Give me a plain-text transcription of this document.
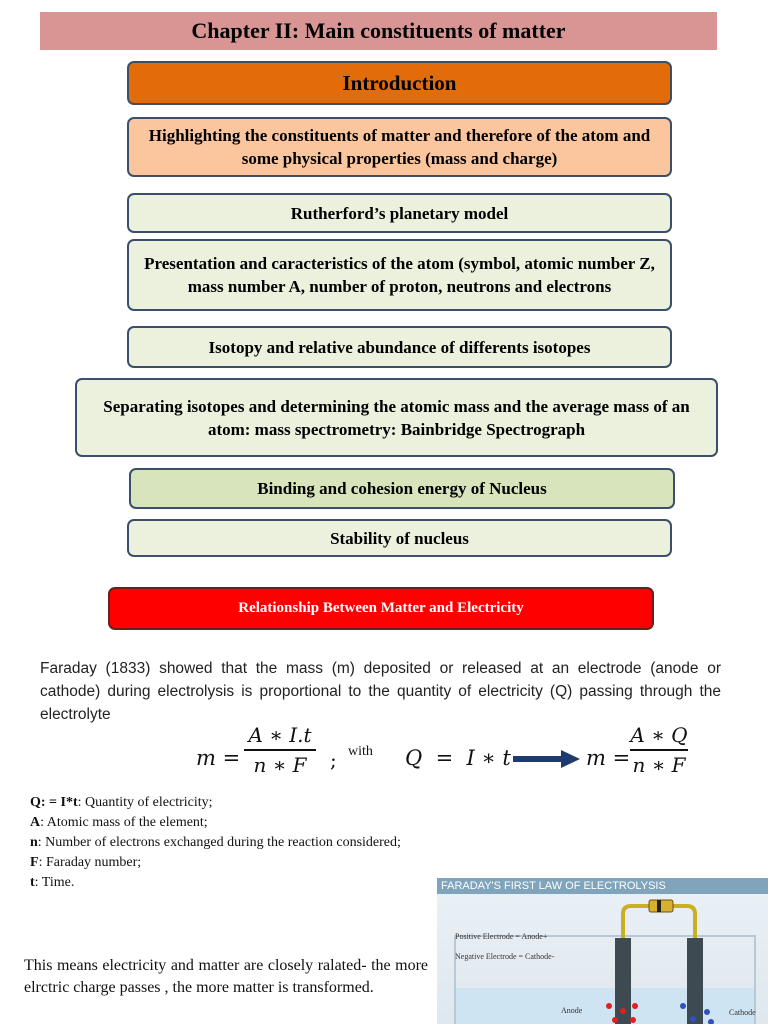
Chapter II: Main constituents of matter
Introduction
Highlighting the constituents of matter and therefore of the atom and some physical properties (mass and charge)
Rutherford’s planetary model
Presentation and caracteristics of the atom (symbol, atomic number Z, mass number A, number of proton, neutrons and electrons
Isotopy and relative abundance of differents isotopes
Separating isotopes and determining the atomic mass and the average mass of an atom: mass spectrometry: Bainbridge Spectrograph
Binding and cohesion energy of Nucleus
Stability of nucleus
Relationship Between Matter and Electricity
Faraday (1833) showed that the mass (m) deposited or released at an electrode (anode or cathode) during electrolysis is proportional to the quantity of electricity (Q) passing through the electrolyte
m =
A ∗ I.t
n ∗ F ; with Q  =  I ∗ t	m =
A ∗ Q
n ∗ F
Q: = I*t: Quantity of electricity;
A: Atomic mass of the element;
n: Number of electrons exchanged during the reaction considered;
F: Faraday number;
t: Time.
This means electricity and matter are closely ralated- the more elrctric charge passes , the more matter is transformed.
FARADAY'S FIRST LAW OF ELECTROLYSIS
Positive Electrode = Anode+
Negative Electrode = Cathode-
Anode	Cathode
